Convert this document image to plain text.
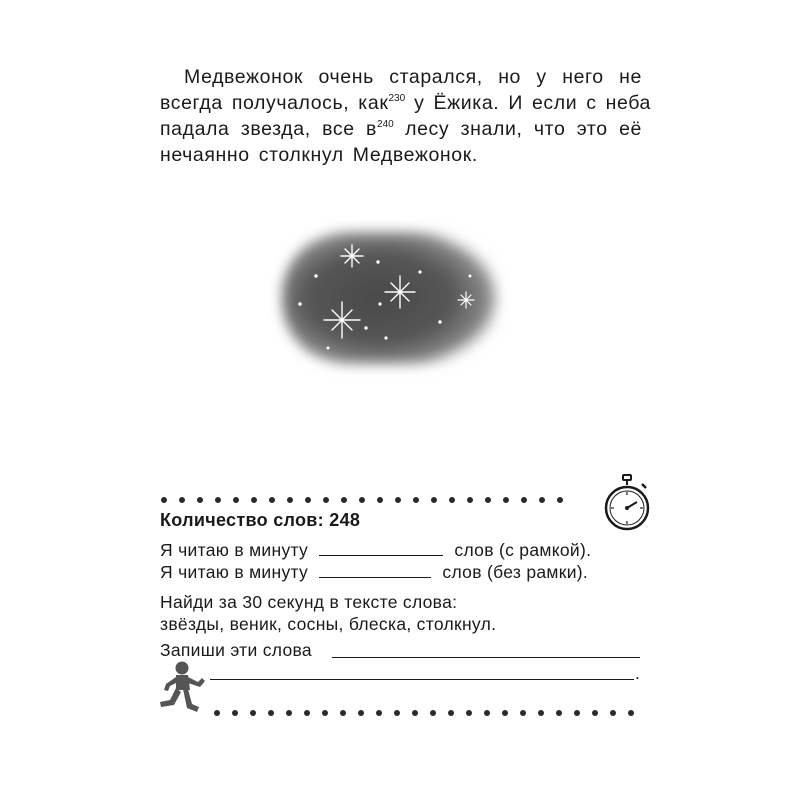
Медвежонок очень старался, но у него не
всегда получалось, как$^{230}$ у Ёжика. И если с неба
падала звезда, все $в^{240}$ лесу знали, что это её
нечаянно столкнул Медвежонок.
Количество слов: 248
Я читаю в минуту	слов (с рамкой).
Я читаю в минуту	слов (без рамки).
Найди за 30 секунд в тексте слова:
звёзды, веник, сосны, блеска, столкнул.
Запиши эти слова
.
